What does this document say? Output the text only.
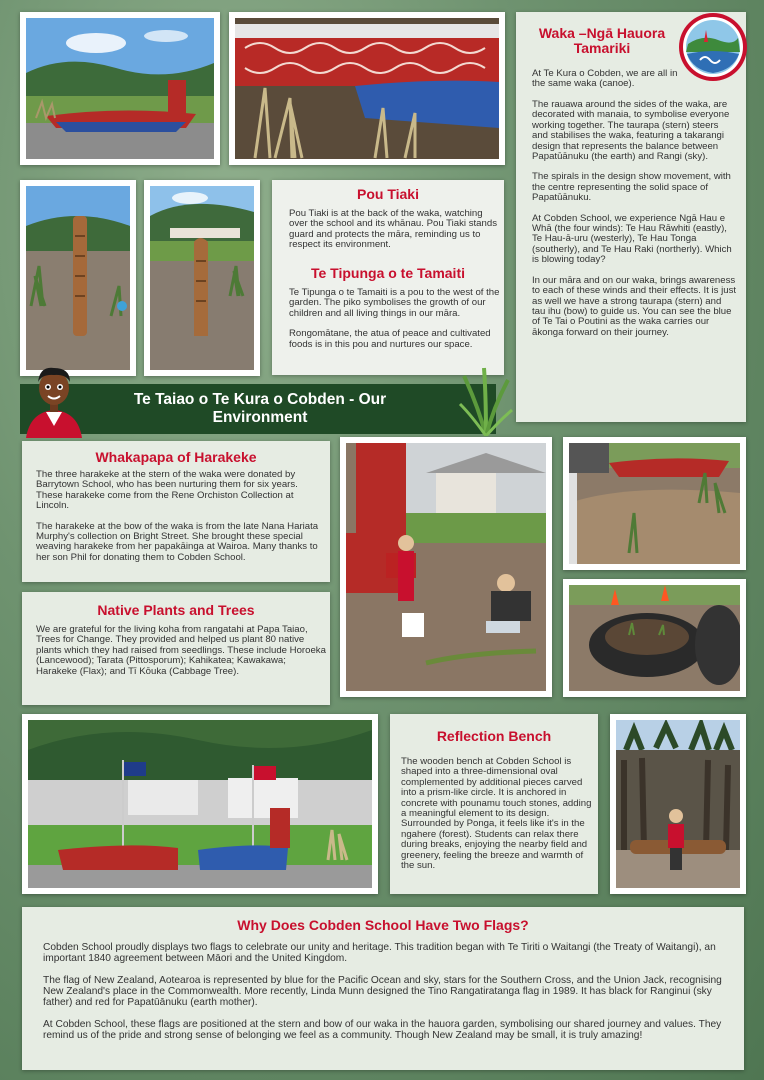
Waka –Ngā Hauora
Tamariki

At Te Kura o Cobden, we are all in the same waka (canoe).

The rauawa around the sides of the waka, are decorated with manaia, to symbolise everyone working together. The taurapa (stern) steers and stabilises the waka, featuring a takarangi design that represents the balance between Papatūānuku (the earth) and Rangi (sky).

The spirals in the design show movement, with the centre representing the solid space of Papatūānuku.

At Cobden School, we experience Ngā Hau e Whā (the four winds): Te Hau Rāwhiti (eastly), Te Hau-ā-uru (westerly), Te Hau Tonga (southerly), and Te Hau Raki (northerly). Which is blowing today?

In our māra and on our waka, brings awareness to each of these winds and their effects. It is just as well we have a strong taurapa (stern) and tau ihu (bow) to guide us. You can see the blue of Te Tai o Poutini as the waka carries our ākonga forward on their journey.

Pou Tiaki

Pou Tiaki is at the back of the waka, watching over the school and its whānau. Pou Tiaki stands guard and protects the māra, reminding us to respect its environment.

Te Tipunga o te Tamaiti

Te Tipunga o te Tamaiti is a pou to the west of the garden. The piko symbolises the growth of our children and all living things in our māra.

Rongomātane, the atua of peace and cultivated foods is in this pou and nurtures our space.

Te Taiao o Te Kura o Cobden - Our
Environment
Whakapapa of Harakeke

The three harakeke at the stern of the waka were donated by Barrytown School, who has been nurturing them for six years. These harakeke come from the Rene Orchiston Collection at Lincoln.

The harakeke at the bow of the waka is from the late Nana Hariata Murphy's collection on Bright Street. She brought these special weaving harakeke from her papakāinga at Wairoa. Many thanks to her son Phil for donating them to Cobden School.

Native Plants and Trees

We are grateful for the living koha from rangatahi at Papa Taiao, Trees for Change. They provided and helped us plant 80 native plants which they had raised from seedlings. These include Horoeka (Lancewood); Tarata (Pittosporum); Kahikatea; Kawakawa; Harakeke (Flax); and Tī Kōuka (Cabbage Tree).

Reflection Bench

The wooden bench at Cobden School is shaped into a three-dimensional oval complemented by additional pieces carved into a prism-like circle. It is anchored in concrete with pounamu touch stones, adding a meaningful element to its design. Surrounded by Ponga, it feels like it's in the ngahere (forest). Students can relax there during breaks, enjoying the nearby field and greenery, feeling the breeze and warmth of the sun.

Why Does Cobden School Have Two Flags?

Cobden School proudly displays two flags to celebrate our unity and heritage. This tradition began with Te Tiriti o Waitangi (the Treaty of Waitangi), an important 1840 agreement between Māori and the United Kingdom.

The flag of New Zealand, Aotearoa is represented by blue for the Pacific Ocean and sky, stars for the Southern Cross, and the Union Jack, recognising New Zealand's place in the Commonwealth. More recently, Linda Munn designed the Tino Rangatiratanga flag in 1989. It has black for Ranginui (sky father) and red for Papatūānuku (earth mother).

At Cobden School, these flags are positioned at the stern and bow of our waka in the hauora garden, symbolising our shared journey and values. They remind us of the pride and strong sense of belonging we feel as a community. Though New Zealand may be small, it is truly amazing!
